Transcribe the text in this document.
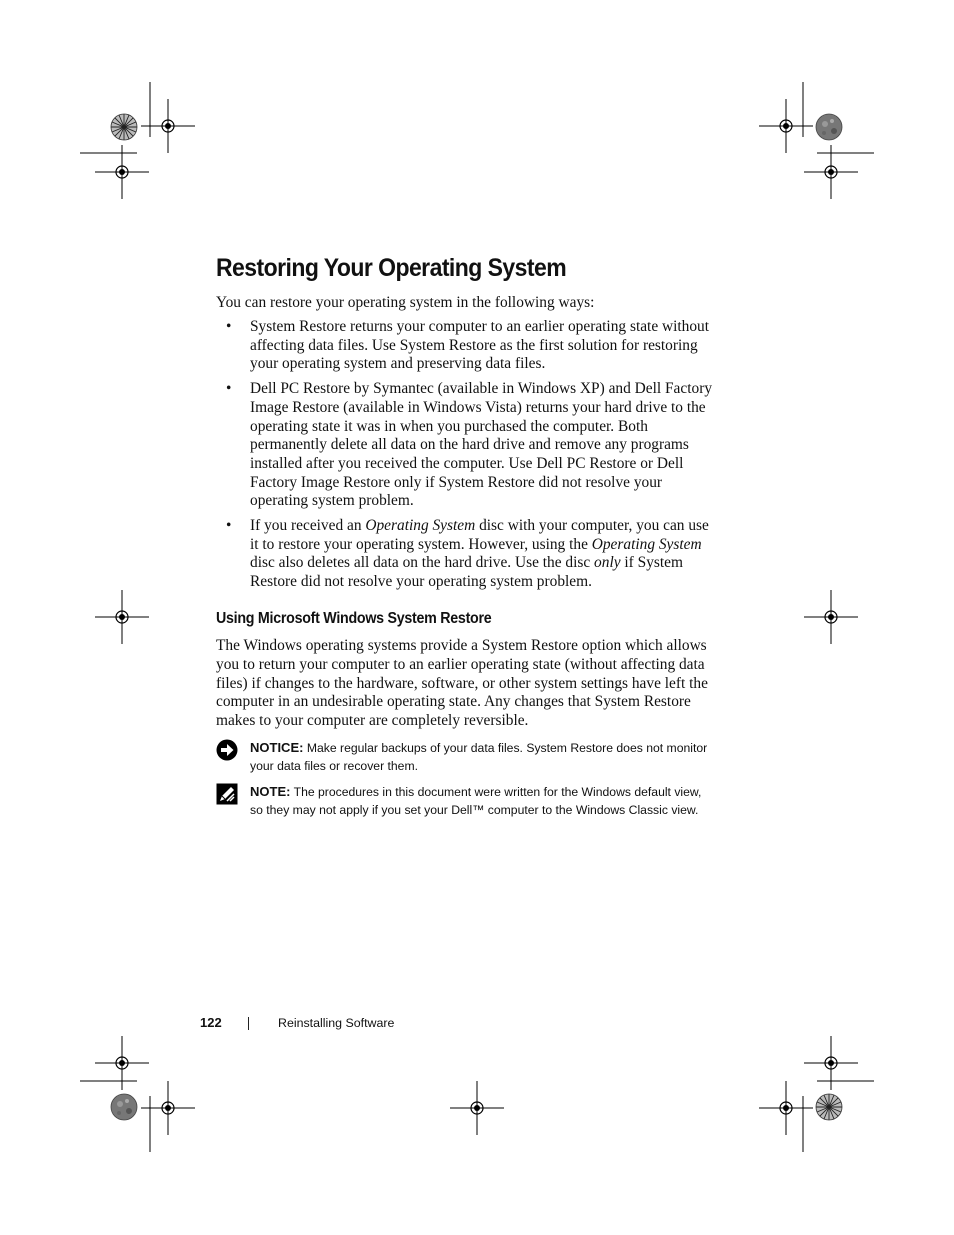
Restoring Your Operating System

You can restore your operating system in the following ways:

• System Restore returns your computer to an earlier operating state without affecting data files. Use System Restore as the first solution for restoring your operating system and preserving data files.
• Dell PC Restore by Symantec (available in Windows XP) and Dell Factory Image Restore (available in Windows Vista) returns your hard drive to the operating state it was in when you purchased the computer. Both permanently delete all data on the hard drive and remove any programs installed after you received the computer. Use Dell PC Restore or Dell Factory Image Restore only if System Restore did not resolve your operating system problem.
• If you received an Operating System disc with your computer, you can use it to restore your operating system. However, using the Operating System disc also deletes all data on the hard drive. Use the disc only if System Restore did not resolve your operating system problem.
Using Microsoft Windows System Restore

The Windows operating systems provide a System Restore option which allows you to return your computer to an earlier operating state (without affecting data files) if changes to the hardware, software, or other system settings have left the computer in an undesirable operating state. Any changes that System Restore makes to your computer are completely reversible.

NOTICE: Make regular backups of your data files. System Restore does not monitor your data files or recover them.
NOTE: The procedures in this document were written for the Windows default view, so they may not apply if you set your Dell™ computer to the Windows Classic view.
122	Reinstalling Software
